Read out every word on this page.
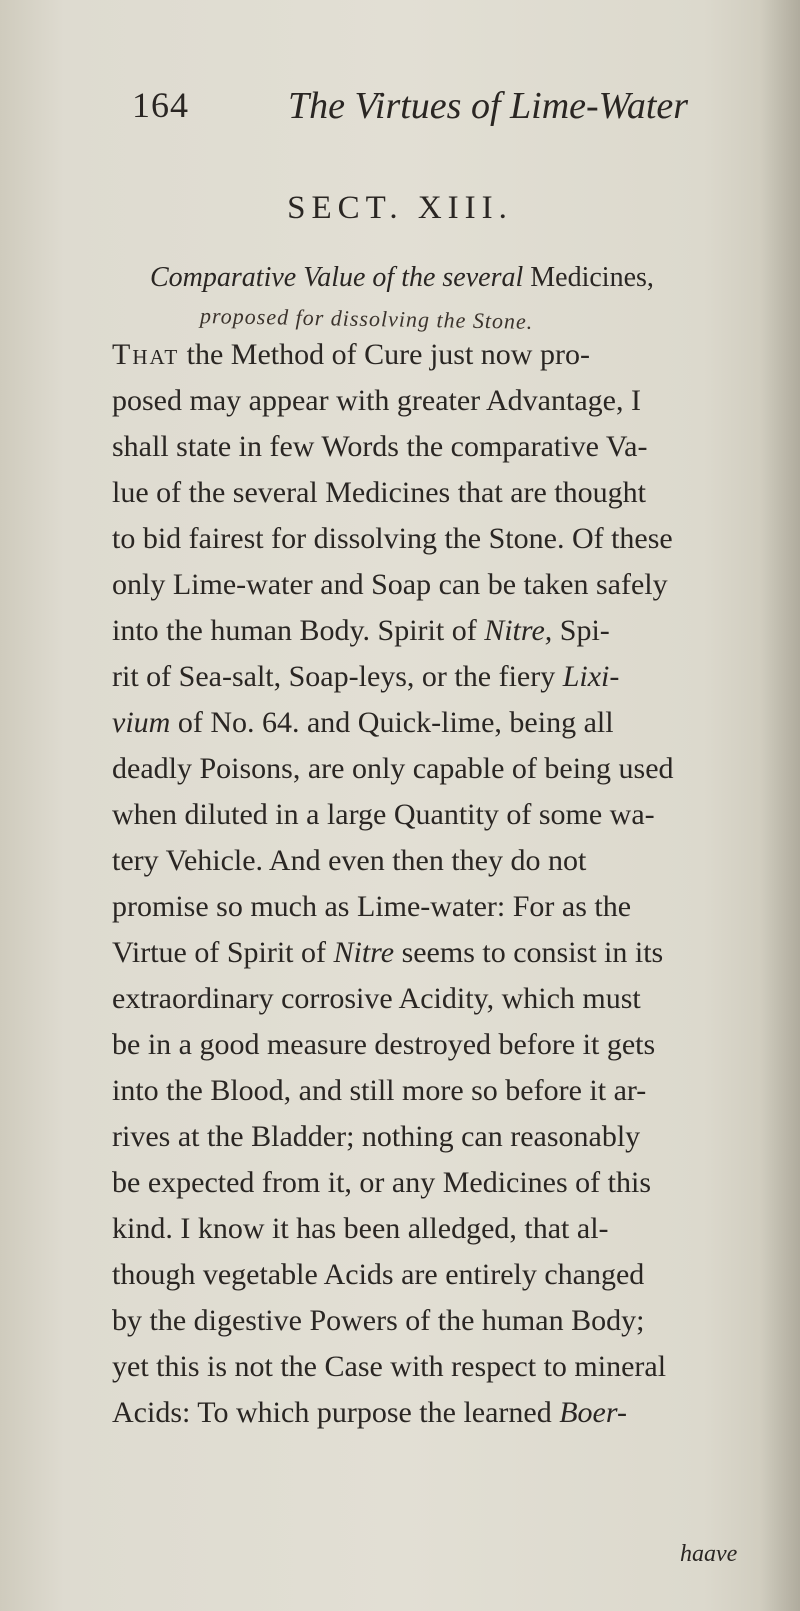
164	The Virtues of Lime-Water
SECT. XIII.
Comparative Value of the several Medicines,
proposed for dissolving the Stone.
That the Method of Cure just now pro-
posed may appear with greater Advantage, I
shall state in few Words the comparative Va-
lue of the several Medicines that are thought
to bid fairest for dissolving the Stone. Of these
only Lime-water and Soap can be taken safely
into the human Body. Spirit of Nitre, Spi-
rit of Sea-salt, Soap-leys, or the fiery Lixi-
vium of No. 64. and Quick-lime, being all
deadly Poisons, are only capable of being used
when diluted in a large Quantity of some wa-
tery Vehicle. And even then they do not
promise so much as Lime-water: For as the
Virtue of Spirit of Nitre seems to consist in its
extraordinary corrosive Acidity, which must
be in a good measure destroyed before it gets
into the Blood, and still more so before it ar-
rives at the Bladder; nothing can reasonably
be expected from it, or any Medicines of this
kind. I know it has been alledged, that al-
though vegetable Acids are entirely changed
by the digestive Powers of the human Body;
yet this is not the Case with respect to mineral
Acids: To which purpose the learned Boer-
haave
